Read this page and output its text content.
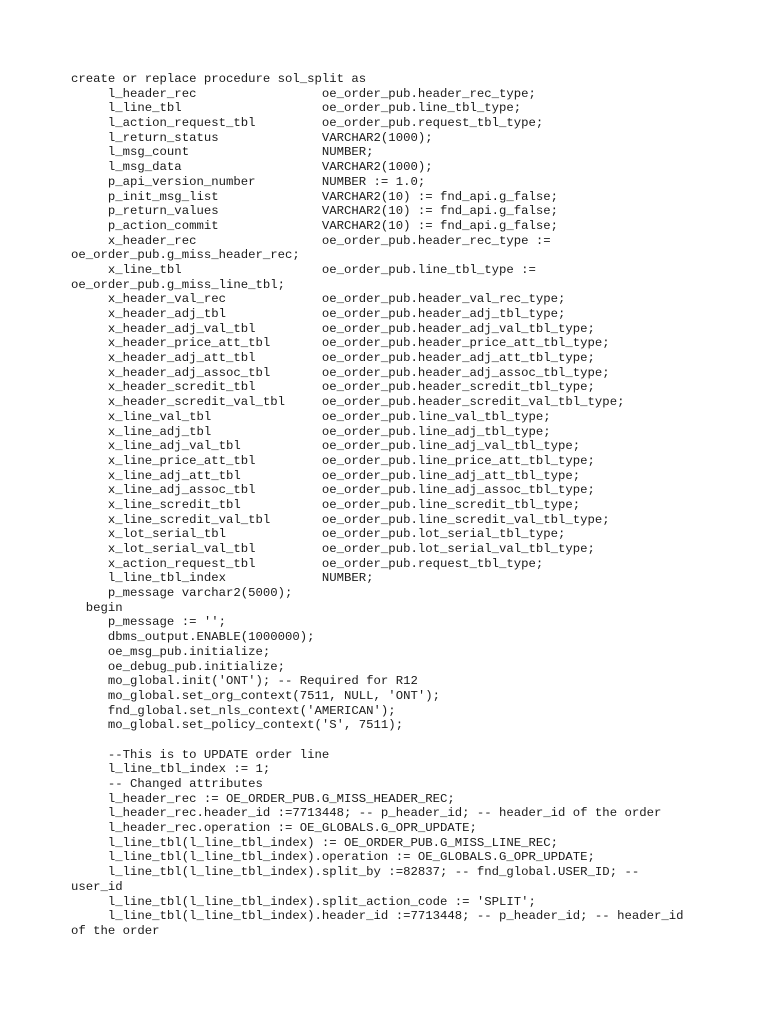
create or replace procedure sol_split as
l_header_rec                 oe_order_pub.header_rec_type;
l_line_tbl                   oe_order_pub.line_tbl_type;
l_action_request_tbl         oe_order_pub.request_tbl_type;
l_return_status              VARCHAR2(1000);
l_msg_count                  NUMBER;
l_msg_data                   VARCHAR2(1000);
p_api_version_number         NUMBER := 1.0;
p_init_msg_list              VARCHAR2(10) := fnd_api.g_false;
p_return_values              VARCHAR2(10) := fnd_api.g_false;
p_action_commit              VARCHAR2(10) := fnd_api.g_false;
x_header_rec                 oe_order_pub.header_rec_type :=
oe_order_pub.g_miss_header_rec;
x_line_tbl                   oe_order_pub.line_tbl_type :=
oe_order_pub.g_miss_line_tbl;
x_header_val_rec             oe_order_pub.header_val_rec_type;
x_header_adj_tbl             oe_order_pub.header_adj_tbl_type;
x_header_adj_val_tbl         oe_order_pub.header_adj_val_tbl_type;
x_header_price_att_tbl       oe_order_pub.header_price_att_tbl_type;
x_header_adj_att_tbl         oe_order_pub.header_adj_att_tbl_type;
x_header_adj_assoc_tbl       oe_order_pub.header_adj_assoc_tbl_type;
x_header_scredit_tbl         oe_order_pub.header_scredit_tbl_type;
x_header_scredit_val_tbl     oe_order_pub.header_scredit_val_tbl_type;
x_line_val_tbl               oe_order_pub.line_val_tbl_type;
x_line_adj_tbl               oe_order_pub.line_adj_tbl_type;
x_line_adj_val_tbl           oe_order_pub.line_adj_val_tbl_type;
x_line_price_att_tbl         oe_order_pub.line_price_att_tbl_type;
x_line_adj_att_tbl           oe_order_pub.line_adj_att_tbl_type;
x_line_adj_assoc_tbl         oe_order_pub.line_adj_assoc_tbl_type;
x_line_scredit_tbl           oe_order_pub.line_scredit_tbl_type;
x_line_scredit_val_tbl       oe_order_pub.line_scredit_val_tbl_type;
x_lot_serial_tbl             oe_order_pub.lot_serial_tbl_type;
x_lot_serial_val_tbl         oe_order_pub.lot_serial_val_tbl_type;
x_action_request_tbl         oe_order_pub.request_tbl_type;
l_line_tbl_index             NUMBER;
p_message varchar2(5000);
begin
p_message := '';
dbms_output.ENABLE(1000000);
oe_msg_pub.initialize;
oe_debug_pub.initialize;
mo_global.init('ONT'); -- Required for R12
mo_global.set_org_context(7511, NULL, 'ONT');
fnd_global.set_nls_context('AMERICAN');
mo_global.set_policy_context('S', 7511);
--This is to UPDATE order line
l_line_tbl_index := 1;
-- Changed attributes
l_header_rec := OE_ORDER_PUB.G_MISS_HEADER_REC;
l_header_rec.header_id :=7713448; -- p_header_id; -- header_id of the order
l_header_rec.operation := OE_GLOBALS.G_OPR_UPDATE;
l_line_tbl(l_line_tbl_index) := OE_ORDER_PUB.G_MISS_LINE_REC;
l_line_tbl(l_line_tbl_index).operation := OE_GLOBALS.G_OPR_UPDATE;
l_line_tbl(l_line_tbl_index).split_by :=82837; -- fnd_global.USER_ID; --
user_id
l_line_tbl(l_line_tbl_index).split_action_code := 'SPLIT';
l_line_tbl(l_line_tbl_index).header_id :=7713448; -- p_header_id; -- header_id
of the order
